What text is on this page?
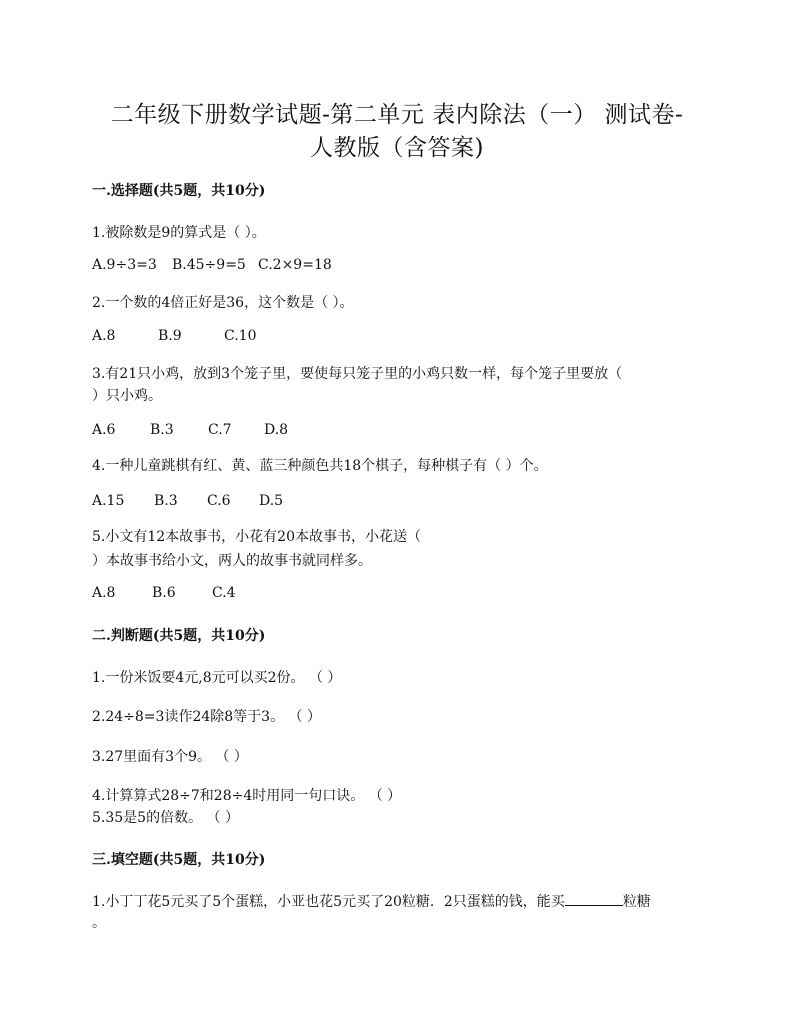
二年级下册数学试题-第二单元 表内除法（一） 测试卷-
人教版（含答案)
一.选择题(共5题，共10分)
1.被除数是9的算式是（ ）。
A.9÷3=3 B.45÷9=5 C.2×9=18
2.一个数的4倍正好是36，这个数是（ ）。
A.8	B.9	C.10
3.有21只小鸡，放到3个笼子里，要使每只笼子里的小鸡只数一样，每个笼子里要放（
）只小鸡。
A.6 B.3 C.7 D.8
4.一种儿童跳棋有红、黄、蓝三种颜色共18个棋子，每种棋子有（ ）个。
A.15 B.3 C.6 D.5
5.小文有12本故事书，小花有20本故事书，小花送（
）本故事书给小文，两人的故事书就同样多。
A.8	B.6	C.4
二.判断题(共5题，共10分)
1.一份米饭要4元,8元可以买2份。 （ ）
2.24÷8=3读作24除8等于3。 （ ）
3.27里面有3个9。 （ ）
4.计算算式28÷7和28÷4时用同一句口诀。 （ ）
5.35是5的倍数。 （ ）
三.填空题(共5题，共10分)
1.小丁丁花5元买了5个蛋糕，小亚也花5元买了20粒糖．2只蛋糕的钱，能买	粒糖
。
